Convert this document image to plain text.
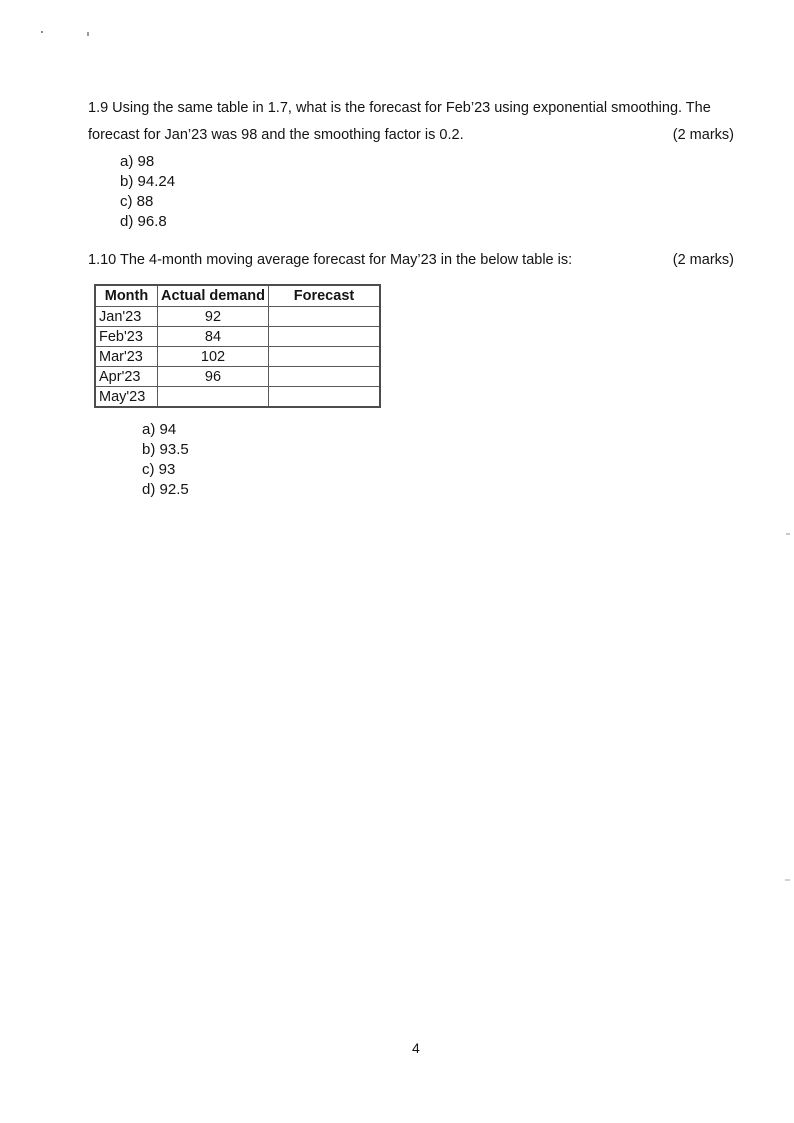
1.9 Using the same table in 1.7, what is the forecast for Feb’23 using exponential smoothing. The
forecast for Jan’23 was 98 and the smoothing factor is 0.2.	(2 marks)
a) 98
b) 94.24
c) 88
d) 96.8
1.10 The 4-month moving average forecast for May’23 in the below table is:	(2 marks)
Month	Actual demand	Forecast
Jan'23	92	
Feb'23	84	
Mar'23	102	
Apr'23	96	
May'23		
a) 94
b) 93.5
c) 93
d) 92.5
4
